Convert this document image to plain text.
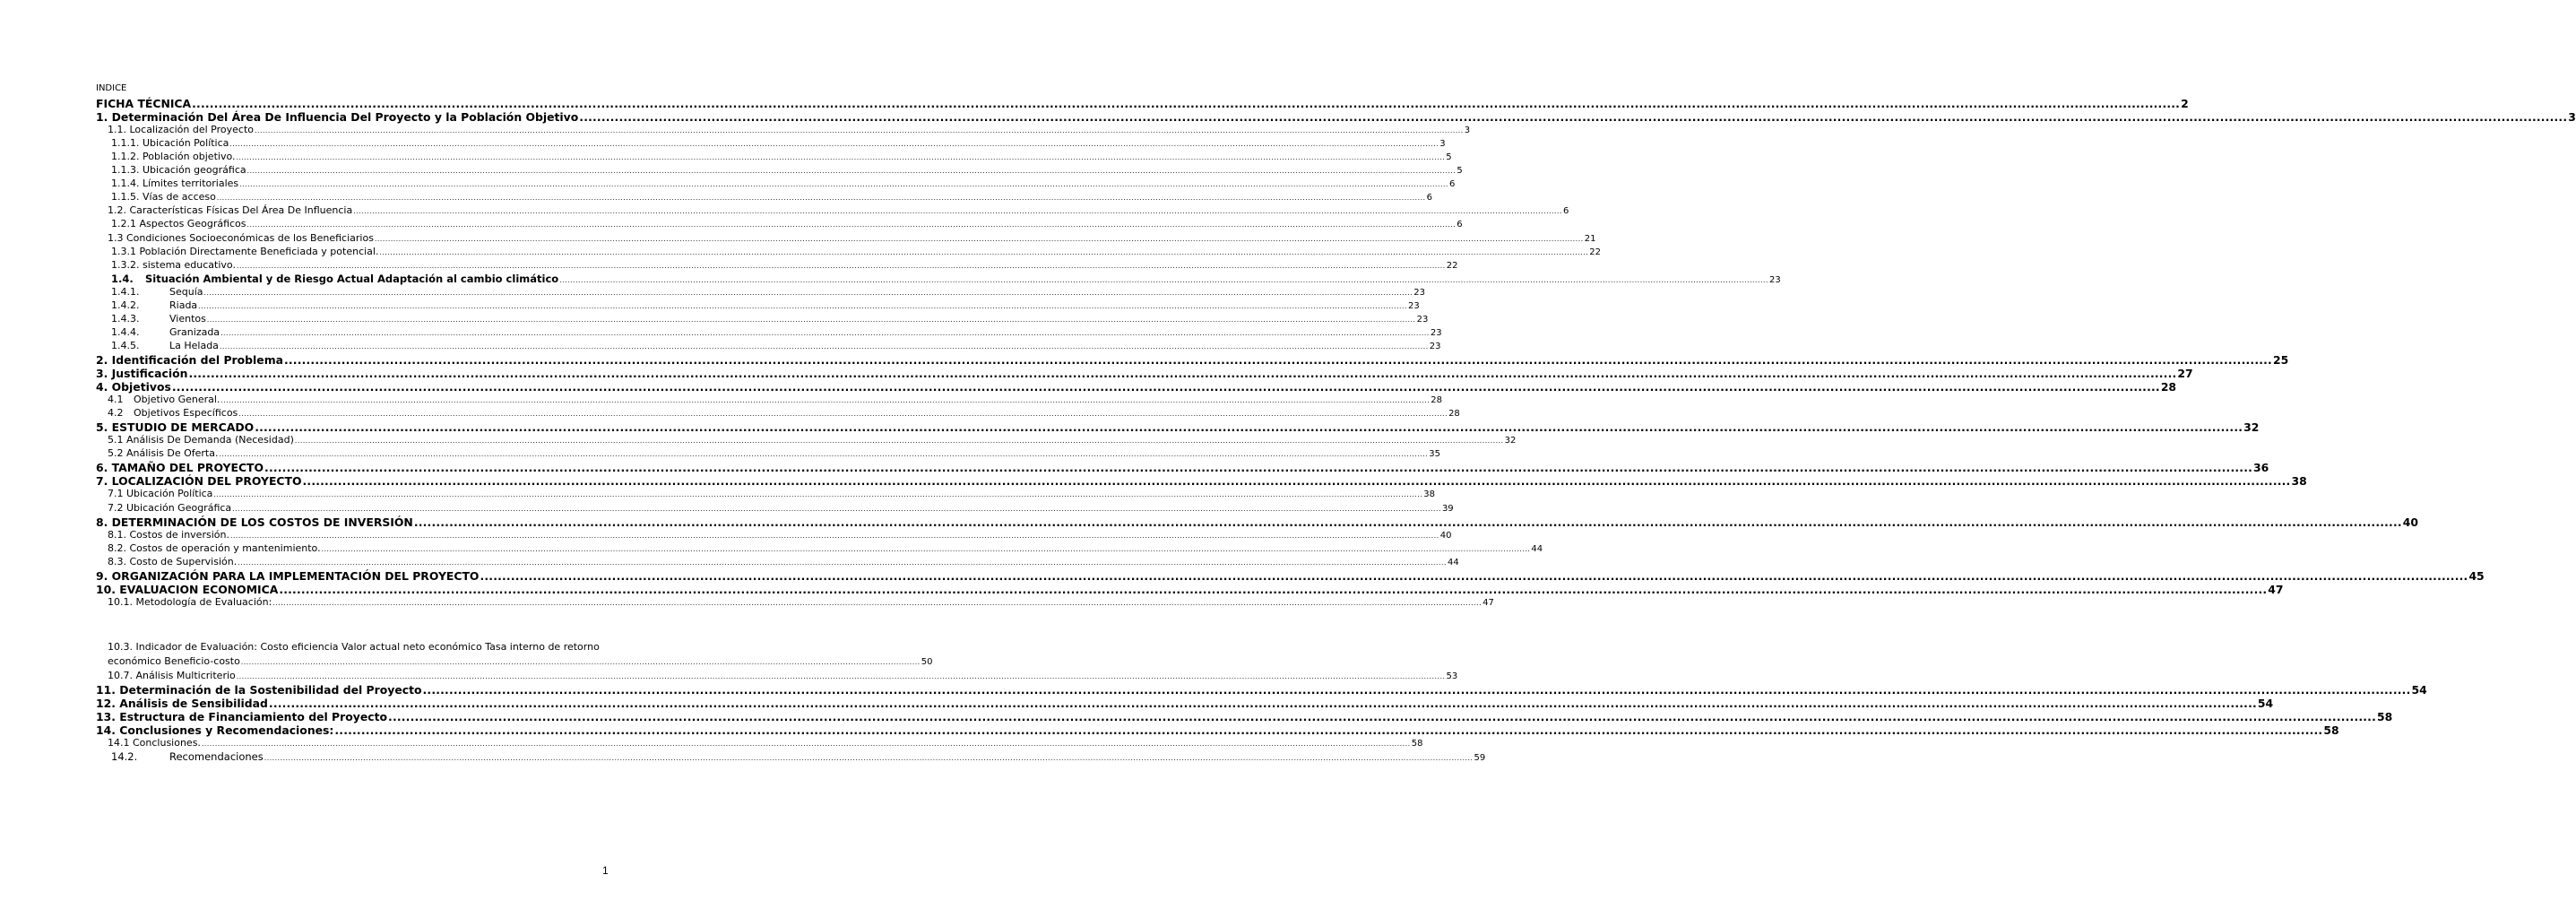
INDICE
FICHA TÉCNICA .....	2
1. Determinación Del Área De Influencia Del Proyecto y la Población Objetivo .....	3
1.1. Localización del Proyecto .....	3
1.1.1. Ubicación Política .....	3
1.1.2. Población objetivo. .....	5
1.1.3. Ubicación geográfica .....	5
1.1.4. Límites territoriales .....	6
1.1.5. Vías de acceso .....	6
1.2. Características Físicas Del Área De Influencia .....	6
1.2.1 Aspectos Geográficos .....	6
1.3 Condiciones Socioeconómicas de los Beneficiarios .....	21
1.3.1 Población Directamente Beneficiada y potencial. .....	22
1.3.2. sistema educativo. .....	22
1.4.	Situación Ambiental y de Riesgo Actual Adaptación al cambio climático .....	23
1.4.1.	Sequía .....	23
1.4.2.	Riada .....	23
1.4.3.	Vientos .....	23
1.4.4.	Granizada .....	23
1.4.5.	La Helada .....	23
2. Identificación del Problema .....	25
3. Justificación .....	27
4. Objetivos .....	28
4.1	Objetivo General. .....	28
4.2	Objetivos Específicos .....	28
5. ESTUDIO DE MERCADO .....	32
5.1 Análisis De Demanda (Necesidad) .....	32
5.2 Análisis De Oferta. .....	35
6. TAMAÑO DEL PROYECTO .....	36
7. LOCALIZACIÓN DEL PROYECTO .....	38
7.1 Ubicación Política .....	38
7.2 Ubicación Geográfica .....	39
8. DETERMINACIÓN DE LOS COSTOS DE INVERSIÓN .....	40
8.1. Costos de inversión. .....	40
8.2. Costos de operación y mantenimiento. .....	44
8.3. Costo de Supervisión. .....	44
9. ORGANIZACIÓN PARA LA IMPLEMENTACIÓN DEL PROYECTO .....	45
10. EVALUACION ECONOMICA .....	47
10.1. Metodología de Evaluación: .....	47
10.3. Indicador de Evaluación: Costo eficiencia Valor actual neto económico Tasa interno de retorno
económico Beneficio-costo .............................................................................................................................................................................................................................................................. 50
10.7. Análisis Multicriterio .....	53
11. Determinación de la Sostenibilidad del Proyecto .....	54
12. Análisis de Sensibilidad .....	54
13. Estructura de Financiamiento del Proyecto .....	58
14. Conclusiones y Recomendaciones: .....	58
14.1 Conclusiones. .....	58
14.2.	Recomendaciones .....	59
1
